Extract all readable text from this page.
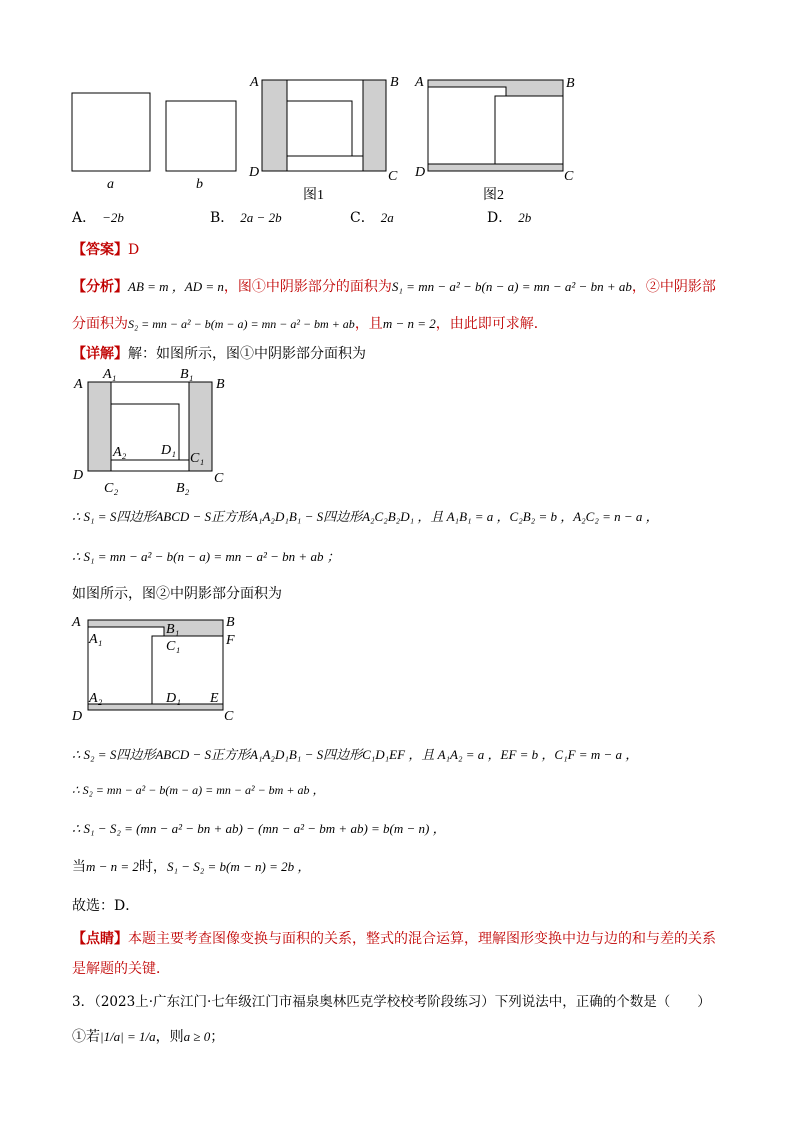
a	b
A	B
C
D
图1
A	B
C
D
图2
A． −2b	B． 2a − 2b	C． 2a	D． 2b
【答案】D
【分析】AB = m ，AD = n，图①中阴影部分的面积为S₁ = mn − a² − b(n − a) = mn − a² − bn + ab，②中阴影部
分面积为S₂ = mn − a² − b(m − a) = mn − a² − bm + ab，且m − n = 2，由此即可求解．
【详解】解：如图所示，图①中阴影部分面积为
A
A₁	B₁
B
A₂ D₁
C₁
D	C
C₂	B₂
∴ S₁ = S四边形ABCD − S正方形A₁A₂D₁B₁ − S四边形A₂C₂B₂D₁ ，且 A₁B₁ = a ，C₂B₂ = b ，A₂C₂ = n − a ，
∴ S₁ = mn − a² − b(n − a) = mn − a² − bn + ab ；
如图所示，图②中阴影部分面积为
A
A₁
B₁	B
C₁	F
A₂	D₁ E
D	C
∴ S₂ = S四边形ABCD − S正方形A₁A₂D₁B₁ − S四边形C₁D₁EF ，且 A₁A₂ = a ，EF = b ，C₁F = m − a ，
∴ S₂ = mn − a² − b(m − a) = mn − a² − bm + ab ，
∴ S₁ − S₂ = (mn − a² − bn + ab) − (mn − a² − bm + ab) = b(m − n) ，
当m − n = 2时，S₁ − S₂ = b(m − n) = 2b ，
故选：D．
【点睛】本题主要考查图像变换与面积的关系，整式的混合运算，理解图形变换中边与边的和与差的关系
是解题的关键．
3．（2023上·广东江门·七年级江门市福泉奥林匹克学校校考阶段练习）下列说法中，正确的个数是（　　）
①若|1/a| = 1/a，则a ≥ 0；
